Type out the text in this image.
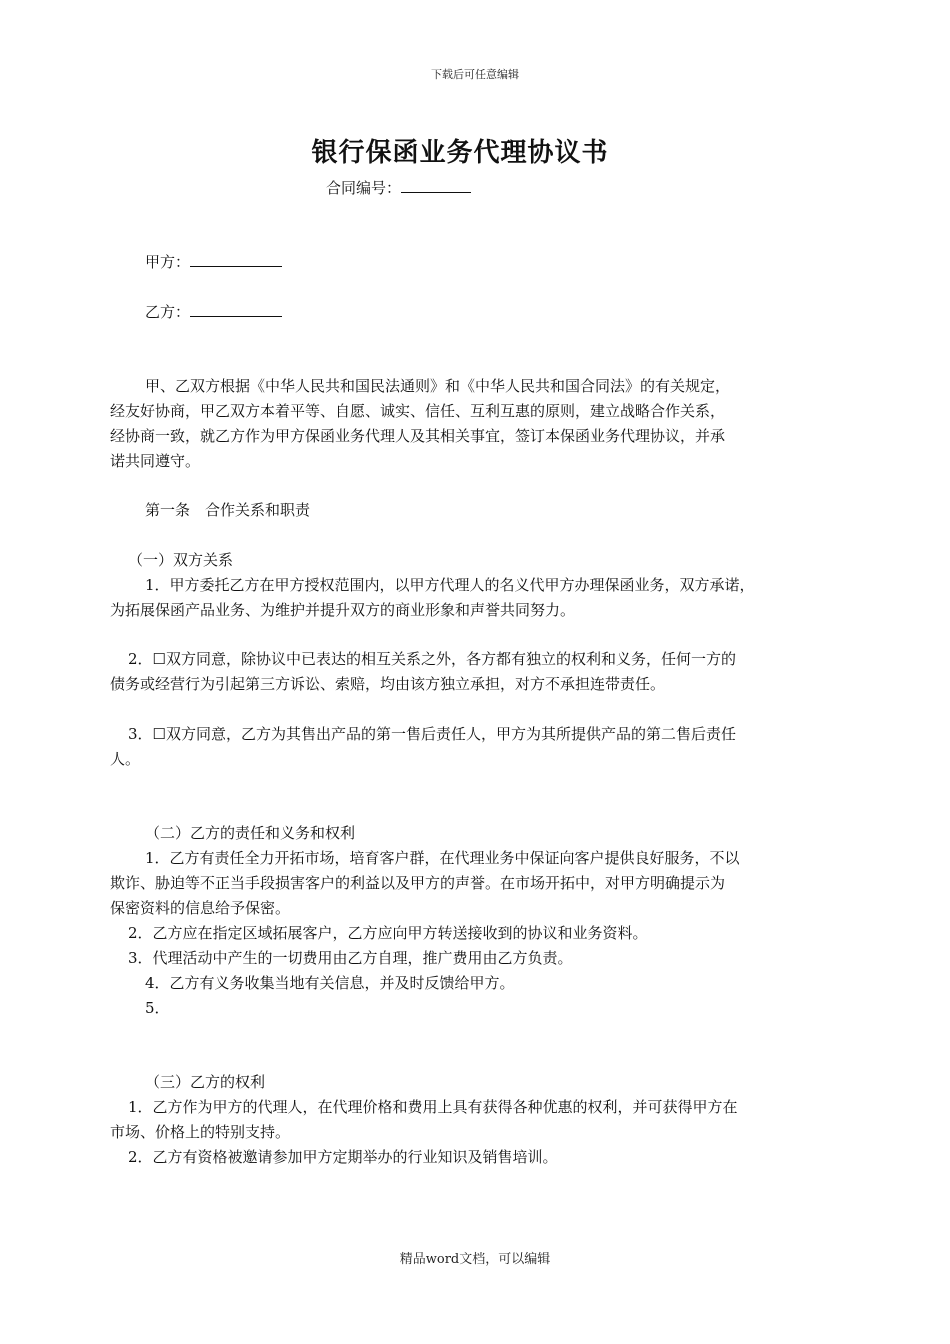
下载后可任意编辑
银行保函业务代理协议书
合同编号：
甲方：
乙方：
甲、乙双方根据《中华人民共和国民法通则》和《中华人民共和国合同法》的有关规定，
经友好协商，甲乙双方本着平等、自愿、诚实、信任、互利互惠的原则，建立战略合作关系，
经协商一致，就乙方作为甲方保函业务代理人及其相关事宜，签订本保函业务代理协议，并承
诺共同遵守。
第一条　合作关系和职责
（一）双方关系
1．甲方委托乙方在甲方授权范围内，以甲方代理人的名义代甲方办理保函业务，双方承诺，
为拓展保函产品业务、为维护并提升双方的商业形象和声誉共同努力。
2．☐双方同意，除协议中已表达的相互关系之外，各方都有独立的权利和义务，任何一方的
债务或经营行为引起第三方诉讼、索赔，均由该方独立承担，对方不承担连带责任。
3．☐双方同意，乙方为其售出产品的第一售后责任人，甲方为其所提供产品的第二售后责任
人。
（二）乙方的责任和义务和权利
1．乙方有责任全力开拓市场，培育客户群，在代理业务中保证向客户提供良好服务，不以
欺诈、胁迫等不正当手段损害客户的利益以及甲方的声誉。在市场开拓中，对甲方明确提示为
保密资料的信息给予保密。
2．乙方应在指定区域拓展客户，乙方应向甲方转送接收到的协议和业务资料。
3．代理活动中产生的一切费用由乙方自理，推广费用由乙方负责。
4．乙方有义务收集当地有关信息，并及时反馈给甲方。
5．
（三）乙方的权利
1．乙方作为甲方的代理人，在代理价格和费用上具有获得各种优惠的权利，并可获得甲方在
市场、价格上的特别支持。
2．乙方有资格被邀请参加甲方定期举办的行业知识及销售培训。
精品word文档，可以编辑
